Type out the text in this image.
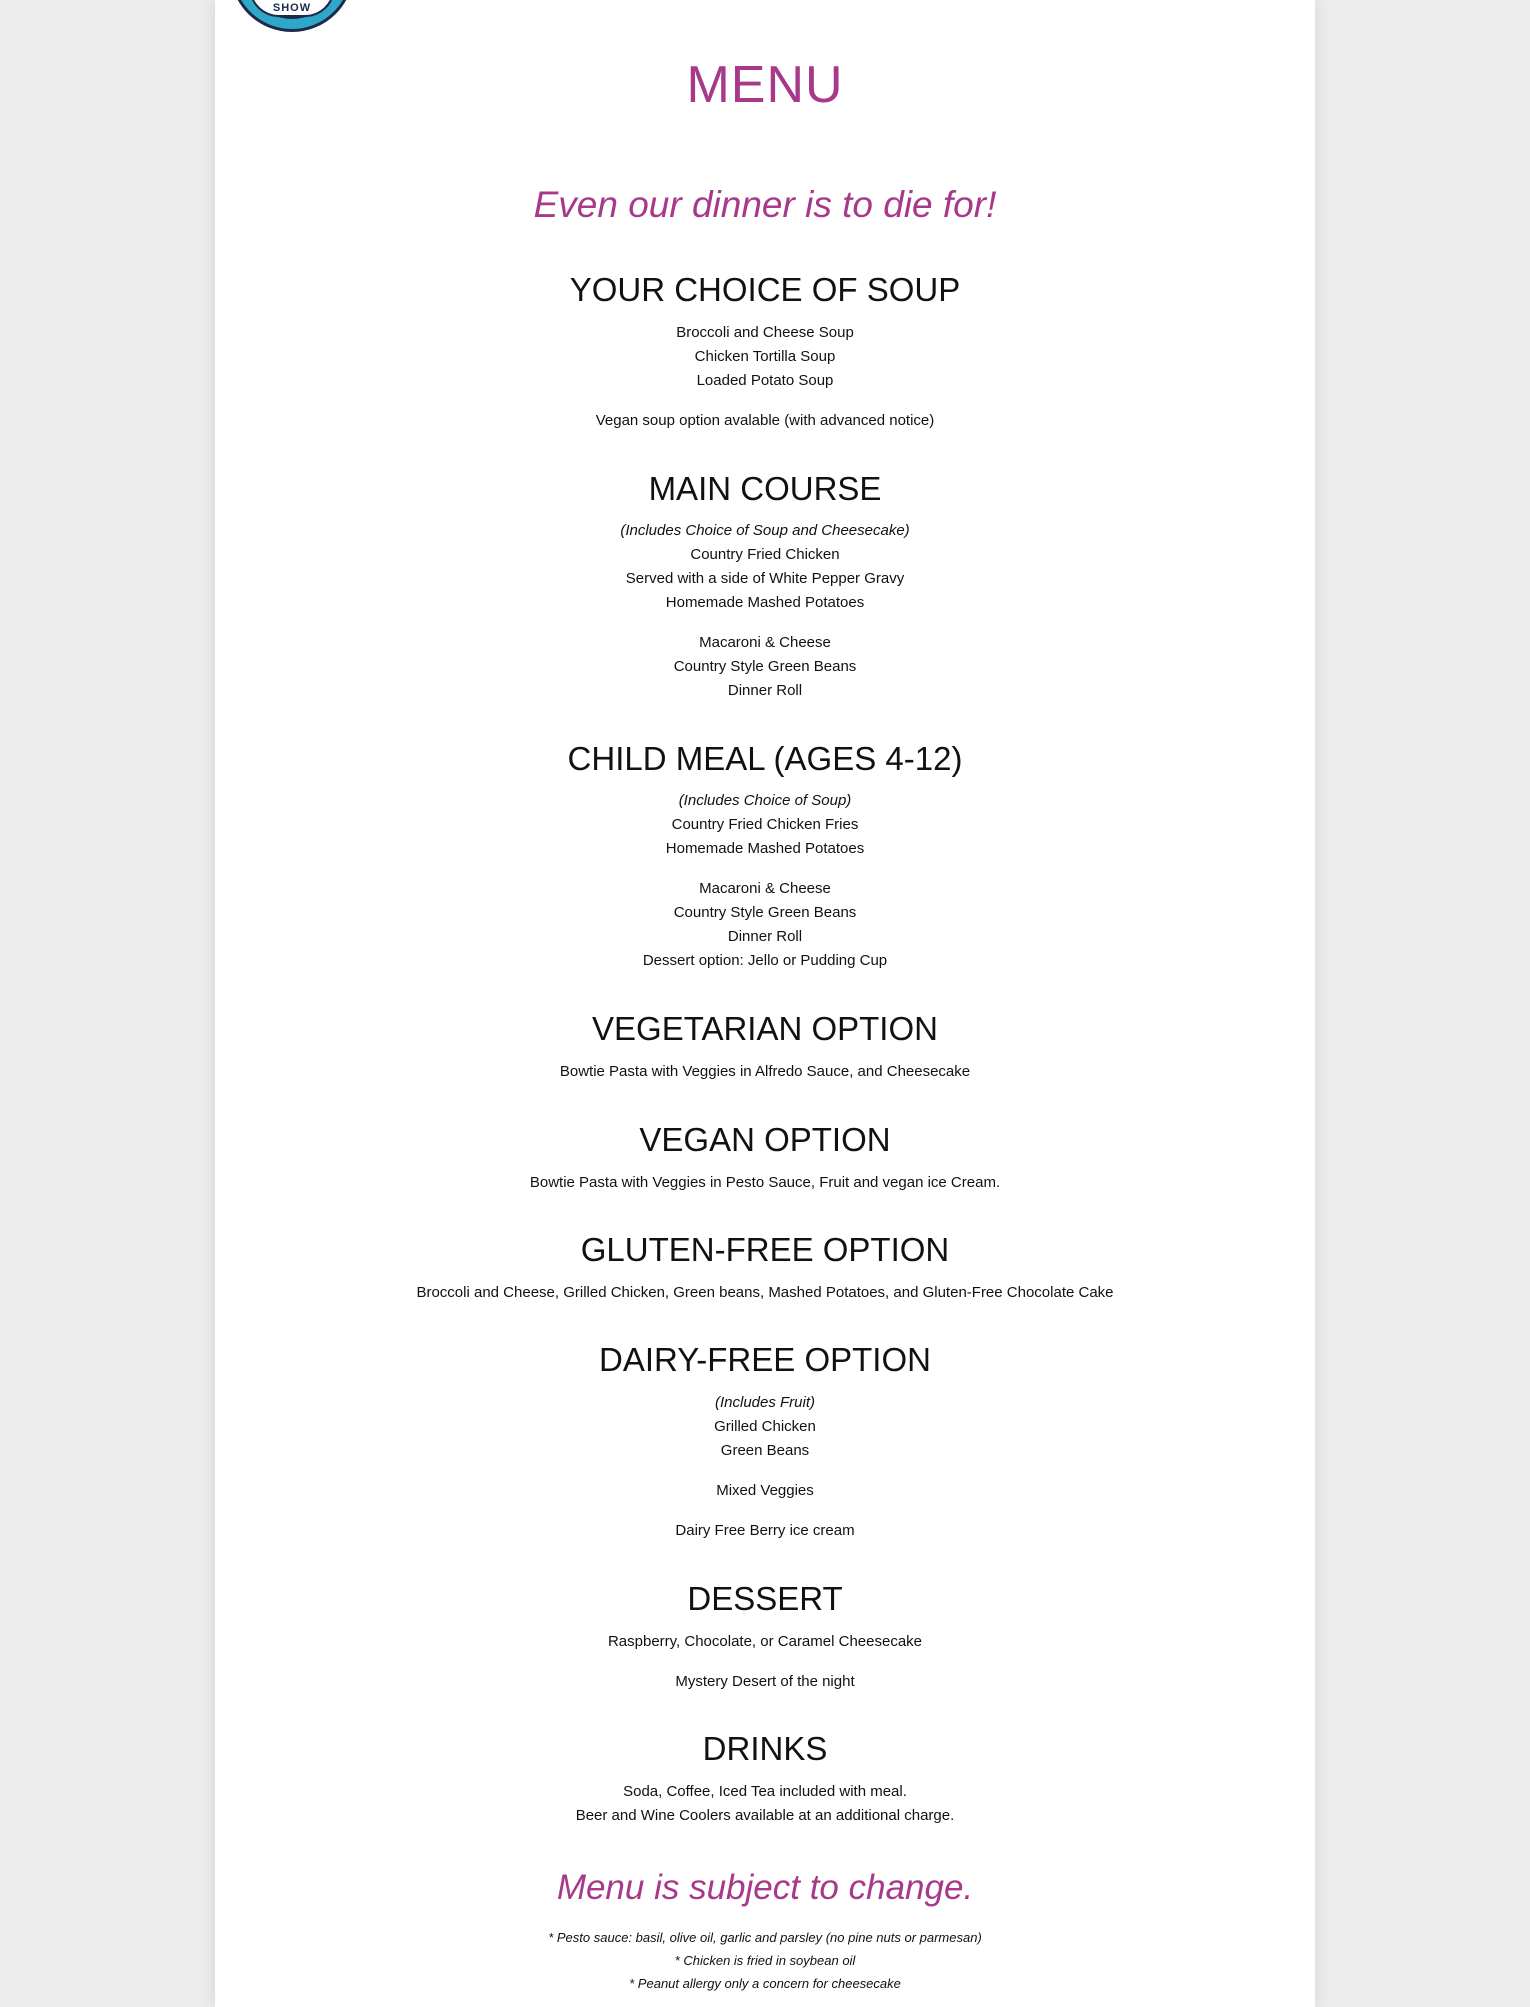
SHOW
MENU
Even our dinner is to die for!
YOUR CHOICE OF SOUP

Broccoli and Cheese Soup

Chicken Tortilla Soup

Loaded Potato Soup

Vegan soup option avalable (with advanced notice)

MAIN COURSE

(Includes Choice of Soup and Cheesecake)

Country Fried Chicken

Served with a side of White Pepper Gravy

Homemade Mashed Potatoes

Macaroni & Cheese

Country Style Green Beans

Dinner Roll

CHILD MEAL (AGES 4-12)

(Includes Choice of Soup)

Country Fried Chicken Fries

Homemade Mashed Potatoes

Macaroni & Cheese

Country Style Green Beans

Dinner Roll

Dessert option: Jello or Pudding Cup

VEGETARIAN OPTION

Bowtie Pasta with Veggies in Alfredo Sauce, and Cheesecake

VEGAN OPTION

Bowtie Pasta with Veggies in Pesto Sauce, Fruit and vegan ice Cream.

GLUTEN-FREE OPTION

Broccoli and Cheese, Grilled Chicken, Green beans, Mashed Potatoes, and Gluten-Free Chocolate Cake

DAIRY-FREE OPTION

(Includes Fruit)

Grilled Chicken

Green Beans

Mixed Veggies

Dairy Free Berry ice cream

DESSERT

Raspberry, Chocolate, or Caramel Cheesecake

Mystery Desert of the night

DRINKS

Soda, Coffee, Iced Tea included with meal.

Beer and Wine Coolers available at an additional charge.

Menu is subject to change.

* Pesto sauce: basil, olive oil, garlic and parsley (no pine nuts or parmesan)

* Chicken is fried in soybean oil

* Peanut allergy only a concern for cheesecake
